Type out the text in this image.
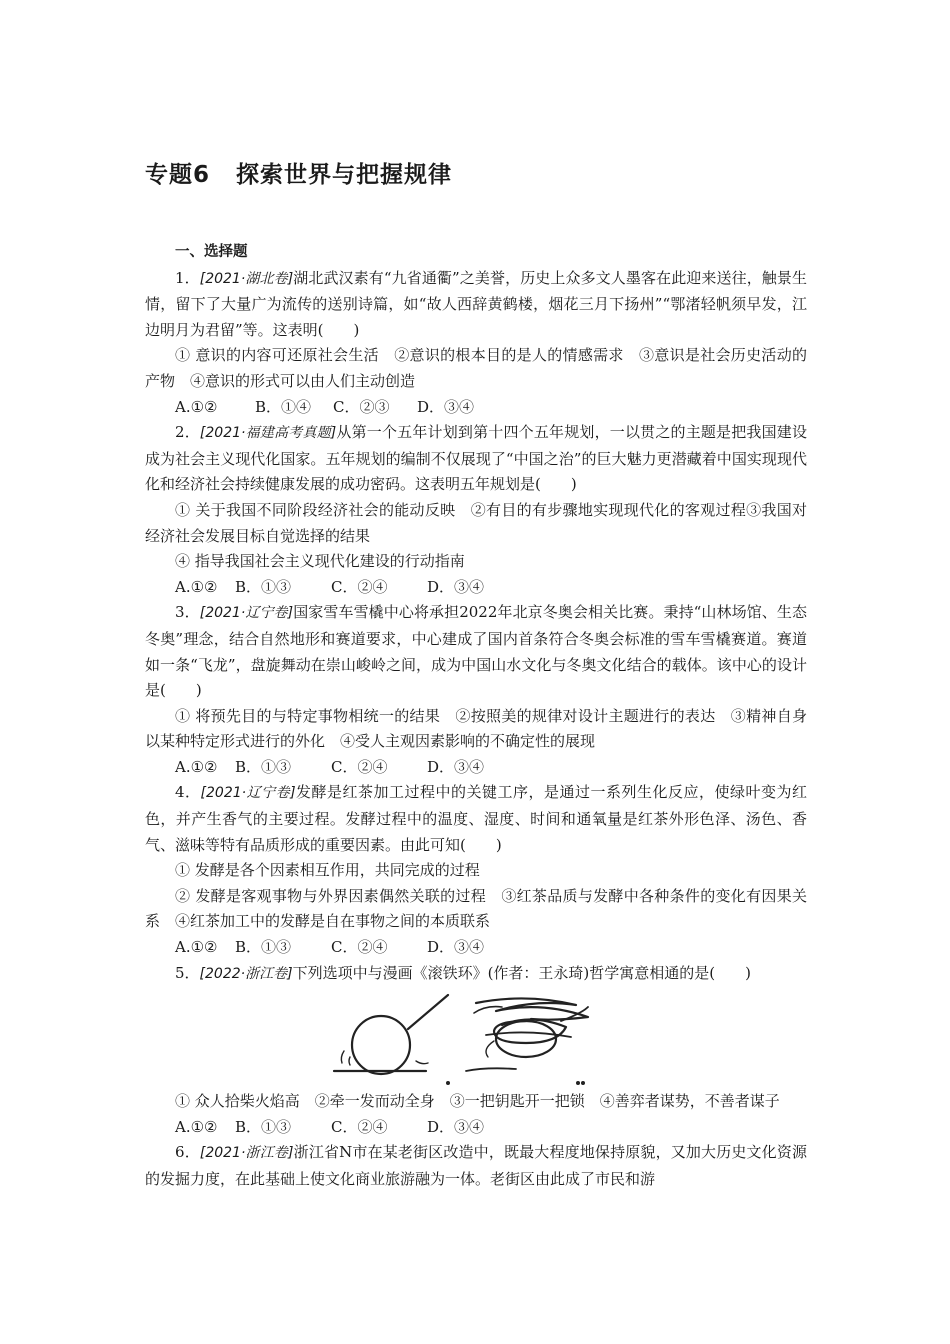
专题6 探索世界与把握规律

一、选择题

1．[2021·湖北卷]湖北武汉素有“九省通衢”之美誉，历史上众多文人墨客在此迎来送往，触景生情，留下了大量广为流传的送别诗篇，如“故人西辞黄鹤楼，烟花三月下扬州”“鄂渚轻帆须早发，江边明月为君留”等。这表明(　　)

① 意识的内容可还原社会生活　②意识的根本目的是人的情感需求　③意识是社会历史活动的产物　④意识的形式可以由人们主动创造

A.①②	B．①④ C．②③ D．③④

2．[2021·福建高考真题]从第一个五年计划到第十四个五年规划，一以贯之的主题是把我国建设成为社会主义现代化国家。五年规划的编制不仅展现了“中国之治”的巨大魅力更潜藏着中国实现现代化和经济社会持续健康发展的成功密码。这表明五年规划是(　　)

① 关于我国不同阶段经济社会的能动反映　②有目的有步骤地实现现代化的客观过程③我国对经济社会发展目标自觉选择的结果

④ 指导我国社会主义现代化建设的行动指南

A.①② B．①③	C．②④	D．③④

3．[2021·辽宁卷]国家雪车雪橇中心将承担2022年北京冬奥会相关比赛。秉持“山林场馆、生态冬奥”理念，结合自然地形和赛道要求，中心建成了国内首条符合冬奥会标准的雪车雪橇赛道。赛道如一条“飞龙”，盘旋舞动在崇山峻岭之间，成为中国山水文化与冬奥文化结合的载体。该中心的设计是(　　)

① 将预先目的与特定事物相统一的结果　②按照美的规律对设计主题进行的表达　③精神自身以某种特定形式进行的外化　④受人主观因素影响的不确定性的展现

A.①② B．①③	C．②④	D．③④

4．[2021·辽宁卷]发酵是红茶加工过程中的关键工序，是通过一系列生化反应，使绿叶变为红色，并产生香气的主要过程。发酵过程中的温度、湿度、时间和通氧量是红茶外形色泽、汤色、香气、滋味等特有品质形成的重要因素。由此可知(　　)

① 发酵是各个因素相互作用，共同完成的过程

② 发酵是客观事物与外界因素偶然关联的过程　③红茶品质与发酵中各种条件的变化有因果关系　④红茶加工中的发酵是自在事物之间的本质联系

A.①② B．①③	C．②④	D．③④

5．[2022·浙江卷]下列选项中与漫画《滚铁环》(作者：王永琦)哲学寓意相通的是(　　)

① 众人拾柴火焰高　②牵一发而动全身　③一把钥匙开一把锁　④善弈者谋势，不善者谋子

A.①② B．①③	C．②④	D．③④

6．[2021·浙江卷]浙江省N市在某老街区改造中，既最大程度地保持原貌，又加大历史文化资源的发掘力度，在此基础上使文化商业旅游融为一体。老街区由此成了市民和游
